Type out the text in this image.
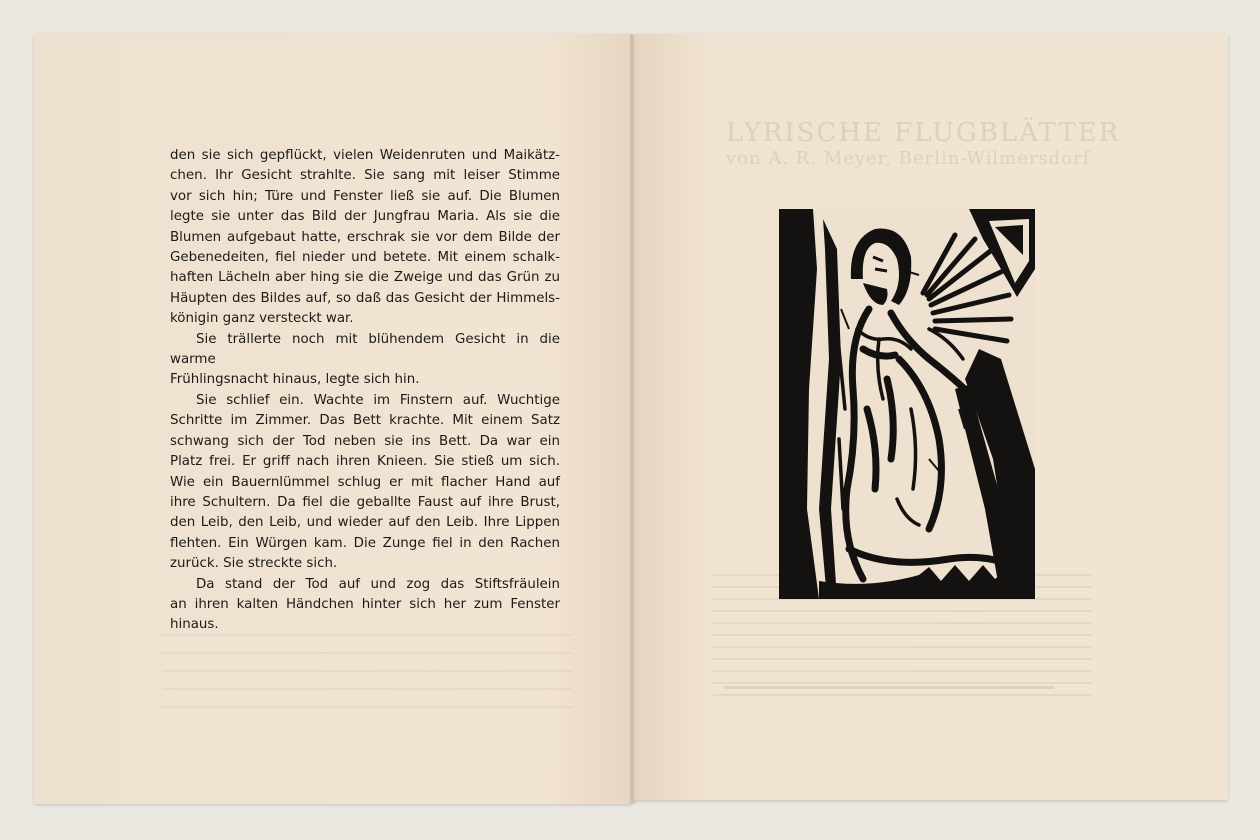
den sie sich gepflückt, vielen Weidenruten und Maikätz-
chen. Ihr Gesicht strahlte. Sie sang mit leiser Stimme
vor sich hin; Türe und Fenster ließ sie auf. Die Blumen
legte sie unter das Bild der Jungfrau Maria. Als sie die
Blumen aufgebaut hatte, erschrak sie vor dem Bilde der
Gebenedeiten, fiel nieder und betete. Mit einem schalk-
haften Lächeln aber hing sie die Zweige und das Grün zu
Häupten des Bildes auf, so daß das Gesicht der Himmels-
königin ganz versteckt war.
Sie trällerte noch mit blühendem Gesicht in die warme
Frühlingsnacht hinaus, legte sich hin.
Sie schlief ein. Wachte im Finstern auf. Wuchtige
Schritte im Zimmer. Das Bett krachte. Mit einem Satz
schwang sich der Tod neben sie ins Bett. Da war ein
Platz frei. Er griff nach ihren Knieen. Sie stieß um sich.
Wie ein Bauernlümmel schlug er mit flacher Hand auf
ihre Schultern. Da fiel die geballte Faust auf ihre Brust,
den Leib, den Leib, und wieder auf den Leib. Ihre Lippen
flehten. Ein Würgen kam. Die Zunge fiel in den Rachen
zurück. Sie streckte sich.
Da stand der Tod auf und zog das Stiftsfräulein
an ihren kalten Händchen hinter sich her zum Fenster
hinaus.
LYRISCHE FLUGBLÄTTER
von A. R. Meyer, Berlin-Wilmersdorf
